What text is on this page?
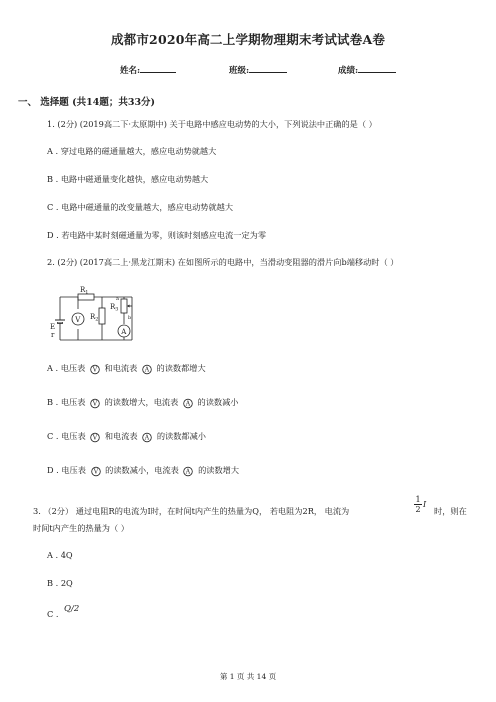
成都市2020年高二上学期物理期末考试试卷A卷
姓名:	班级:	成绩:
一、 选择题 (共14题；共33分)
1. (2分) (2019高二下·太原期中) 关于电路中感应电动势的大小，下列说法中正确的是（ ）
A . 穿过电路的磁通量越大，感应电动势就越大
B . 电路中磁通量变化越快，感应电动势越大
C . 电路中磁通量的改变量越大，感应电动势就越大
D . 若电路中某时刻磁通量为零，则该时刻感应电流一定为零
2. (2分) (2017高二上·黑龙江期末) 在如图所示的电路中，当滑动变阻器的滑片向b端移动时（ ）
$R_1$
E
r
V $R_2$
A
$R_3$
a
b
A . 电压表 V 和电流表 A 的读数都增大
B . 电压表 V 的读数增大，电流表 A 的读数减小
C . 电压表 V 和电流表 A 的读数都减小
D . 电压表 V 的读数减小，电流表 A 的读数增大
3. （2分） 通过电阻R的电流为I时，在时间t内产生的热量为Q， 若电阻为2R， 电流为
1
2
I
时，则在
时间t内产生的热量为（ ）
A . 4Q
B . 2Q
C . Q/2
第 1 页 共 14 页
